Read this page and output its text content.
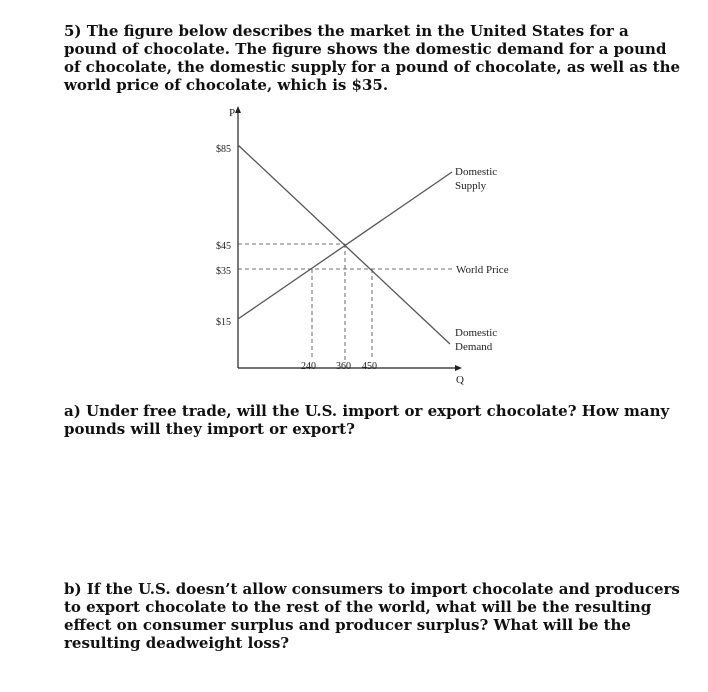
5) The figure below describes the market in the United States for a pound of chocolate. The figure shows the domestic demand for a pound of chocolate, the domestic supply for a pound of chocolate, as well as the world price of chocolate, which is $35.

P
Q
$85
$45
$35
$15
240 360 450
Domestic
Supply
World Price
Domestic
Demand

a) Under free trade, will the U.S. import or export chocolate? How many pounds will they import or export?

b) If the U.S. doesn’t allow consumers to import chocolate and producers to export chocolate to the rest of the world, what will be the resulting effect on consumer surplus and producer surplus? What will be the resulting deadweight loss?
